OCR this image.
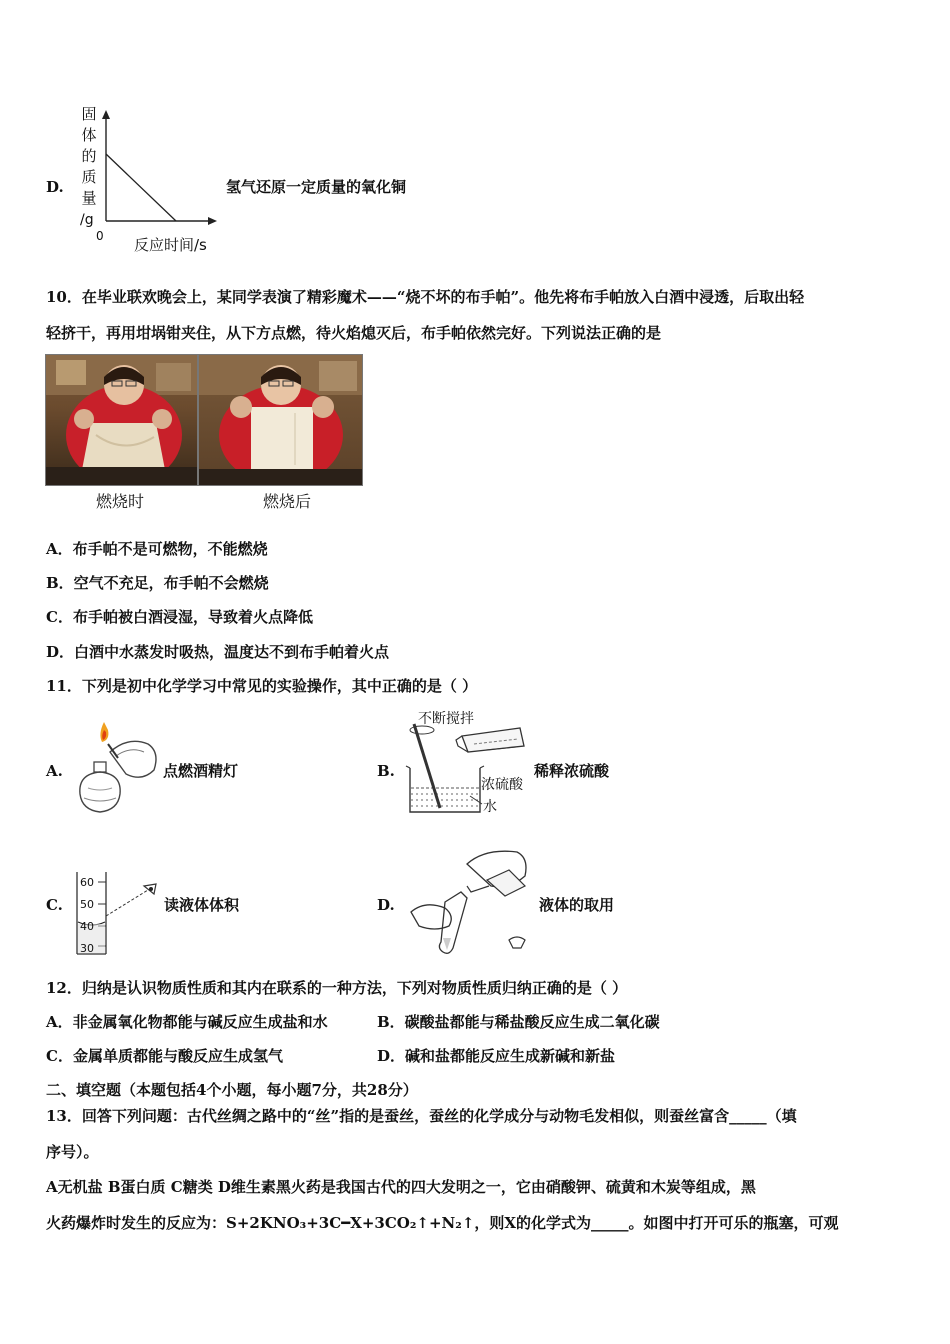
D.
固
体
的
质
量
/g
0 反应时间/s
氢气还原一定质量的氧化铜
10．在毕业联欢晚会上，某同学表演了精彩魔术——“烧不坏的布手帕”。他先将布手帕放入白酒中浸透，后取出轻
轻挤干，再用坩埚钳夹住，从下方点燃，待火焰熄灭后，布手帕依然完好。下列说法正确的是
燃烧时	燃烧后
A．布手帕不是可燃物，不能燃烧
B．空气不充足，布手帕不会燃烧
C．布手帕被白酒浸湿，导致着火点降低
D．白酒中水蒸发时吸热，温度达不到布手帕着火点
11．下列是初中化学学习中常见的实验操作，其中正确的是（ ）
A.	点燃酒精灯	B.
不断搅拌
浓硫酸
水
稀释浓硫酸
C.
60
50
40
30
读液体体积	D.	液体的取用
12．归纳是认识物质性质和其内在联系的一种方法，下列对物质性质归纳正确的是（ ）
A．非金属氧化物都能与碱反应生成盐和水	B．碳酸盐都能与稀盐酸反应生成二氧化碳
C．金属单质都能与酸反应生成氢气	D．碱和盐都能反应生成新碱和新盐
二、填空题（本题包括4个小题，每小题7分，共28分）
13．回答下列问题：古代丝绸之路中的“丝”指的是蚕丝，蚕丝的化学成分与动物毛发相似，则蚕丝富含_____（填
序号）。
A无机盐 B蛋白质 C糖类 D维生素黑火药是我国古代的四大发明之一，它由硝酸钾、硫黄和木炭等组成，黑
火药爆炸时发生的反应为：S+2KNO₃+3C━X+3CO₂↑+N₂↑，则X的化学式为_____。如图中打开可乐的瓶塞，可观
